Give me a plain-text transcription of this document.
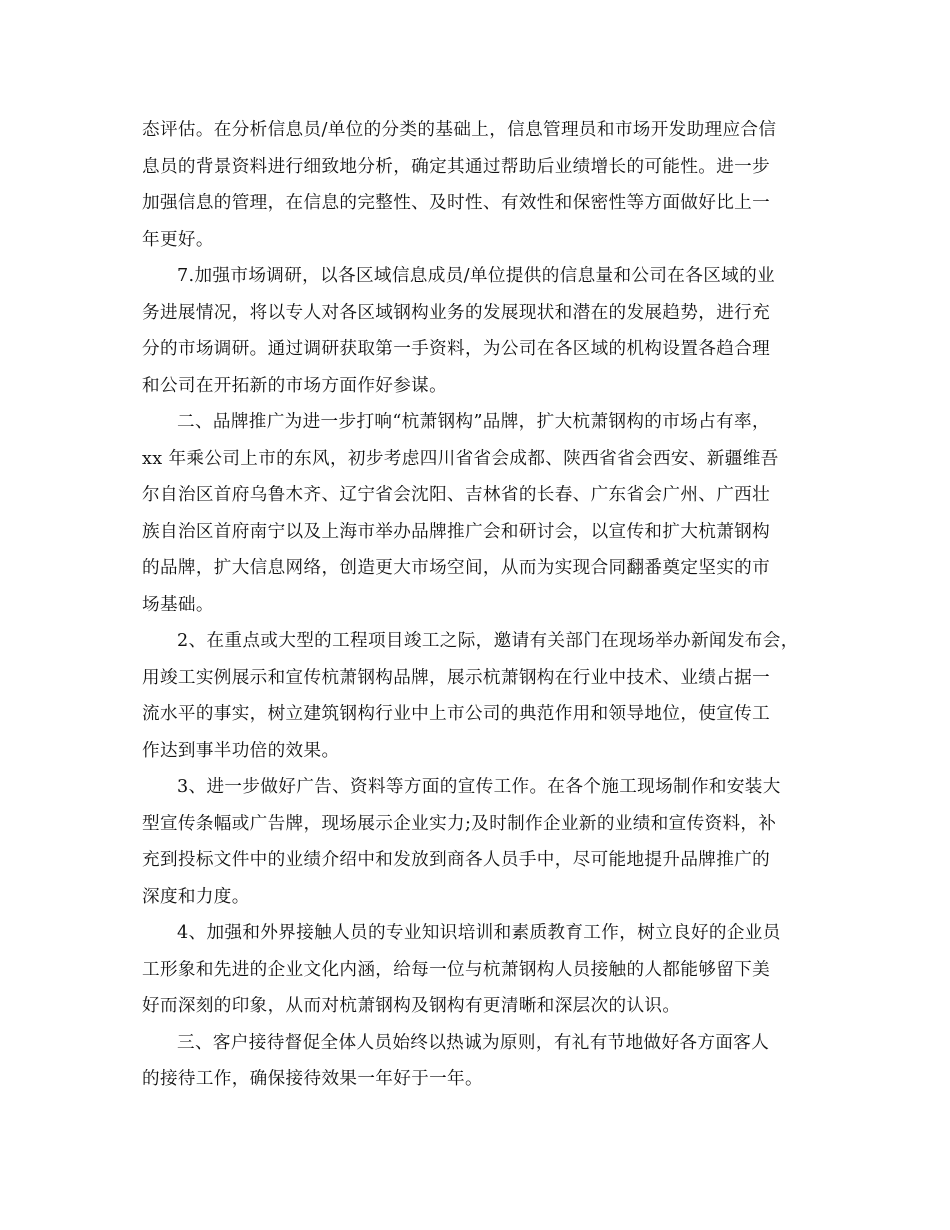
态评估。在分析信息员/单位的分类的基础上，信息管理员和市场开发助理应合信
息员的背景资料进行细致地分析，确定其通过帮助后业绩增长的可能性。进一步
加强信息的管理，在信息的完整性、及时性、有效性和保密性等方面做好比上一
年更好。

7.加强市场调研，以各区域信息成员/单位提供的信息量和公司在各区域的业
务进展情况，将以专人对各区域钢构业务的发展现状和潜在的发展趋势，进行充
分的市场调研。通过调研获取第一手资料，为公司在各区域的机构设置各趋合理
和公司在开拓新的市场方面作好参谋。

二、品牌推广为进一步打响“杭萧钢构”品牌，扩大杭萧钢构的市场占有率，
xx 年乘公司上市的东风，初步考虑四川省省会成都、陕西省省会西安、新疆维吾
尔自治区首府乌鲁木齐、辽宁省会沈阳、吉林省的长春、广东省会广州、广西壮
族自治区首府南宁以及上海市举办品牌推广会和研讨会，以宣传和扩大杭萧钢构
的品牌，扩大信息网络，创造更大市场空间，从而为实现合同翻番奠定坚实的市
场基础。

2、在重点或大型的工程项目竣工之际，邀请有关部门在现场举办新闻发布会，
用竣工实例展示和宣传杭萧钢构品牌，展示杭萧钢构在行业中技术、业绩占据一
流水平的事实，树立建筑钢构行业中上市公司的典范作用和领导地位，使宣传工
作达到事半功倍的效果。

3、进一步做好广告、资料等方面的宣传工作。在各个施工现场制作和安装大
型宣传条幅或广告牌，现场展示企业实力;及时制作企业新的业绩和宣传资料，补
充到投标文件中的业绩介绍中和发放到商各人员手中，尽可能地提升品牌推广的
深度和力度。

4、加强和外界接触人员的专业知识培训和素质教育工作，树立良好的企业员
工形象和先进的企业文化内涵，给每一位与杭萧钢构人员接触的人都能够留下美
好而深刻的印象，从而对杭萧钢构及钢构有更清晰和深层次的认识。

三、客户接待督促全体人员始终以热诚为原则，有礼有节地做好各方面客人
的接待工作，确保接待效果一年好于一年。
